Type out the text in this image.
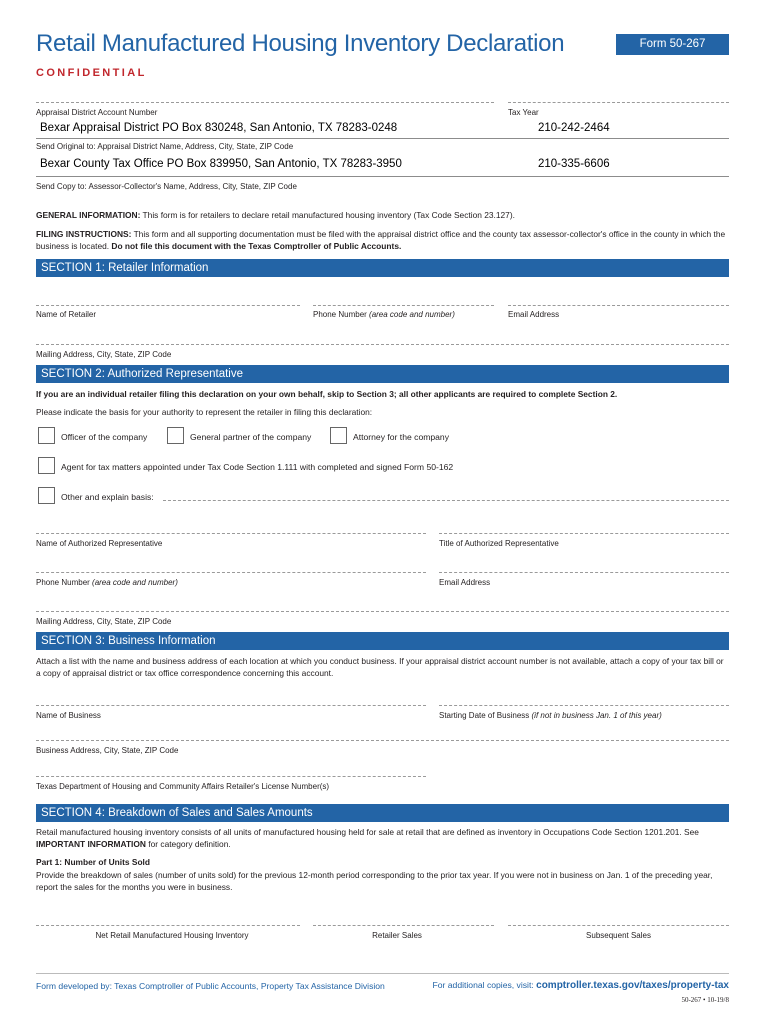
Retail Manufactured Housing Inventory Declaration	Form 50-267
CONFIDENTIAL
Appraisal District Account Number	Tax Year
Bexar Appraisal District PO Box 830248, San Antonio, TX 78283-0248	210-242-2464
Send Original to: Appraisal District Name, Address, City, State, ZIP Code
Bexar County Tax Office PO Box 839950, San Antonio, TX 78283-3950	210-335-6606
Send Copy to: Assessor-Collector's Name, Address, City, State, ZIP Code
GENERAL INFORMATION: This form is for retailers to declare retail manufactured housing inventory (Tax Code Section 23.127).
FILING INSTRUCTIONS: This form and all supporting documentation must be filed with the appraisal district office and the county tax assessor-collector's office in the county in which the business is located. Do not file this document with the Texas Comptroller of Public Accounts.
SECTION 1: Retailer Information
Name of Retailer	Phone Number (area code and number)	Email Address
Mailing Address, City, State, ZIP Code
SECTION 2: Authorized Representative
If you are an individual retailer filing this declaration on your own behalf, skip to Section 3; all other applicants are required to complete Section 2.
Please indicate the basis for your authority to represent the retailer in filing this declaration:
Officer of the company	General partner of the company	Attorney for the company
Agent for tax matters appointed under Tax Code Section 1.111 with completed and signed Form 50-162
Other and explain basis:
Name of Authorized Representative	Title of Authorized Representative
Phone Number (area code and number)	Email Address
Mailing Address, City, State, ZIP Code
SECTION 3: Business Information
Attach a list with the name and business address of each location at which you conduct business. If your appraisal district account number is not available, attach a copy of your tax bill or a copy of appraisal district or tax office correspondence concerning this account.
Name of Business	Starting Date of Business (if not in business Jan. 1 of this year)
Business Address, City, State, ZIP Code
Texas Department of Housing and Community Affairs Retailer's License Number(s)
SECTION 4: Breakdown of Sales and Sales Amounts
Retail manufactured housing inventory consists of all units of manufactured housing held for sale at retail that are defined as inventory in Occupations Code Section 1201.201. See IMPORTANT INFORMATION for category definition.
Part 1: Number of Units Sold
Provide the breakdown of sales (number of units sold) for the previous 12-month period corresponding to the prior tax year. If you were not in business on Jan. 1 of the preceding year, report the sales for the months you were in business.
Net Retail Manufactured Housing Inventory	Retailer Sales	Subsequent Sales
Form developed by: Texas Comptroller of Public Accounts, Property Tax Assistance Division	For additional copies, visit: comptroller.texas.gov/taxes/property-tax
50-267 • 10-19/8
